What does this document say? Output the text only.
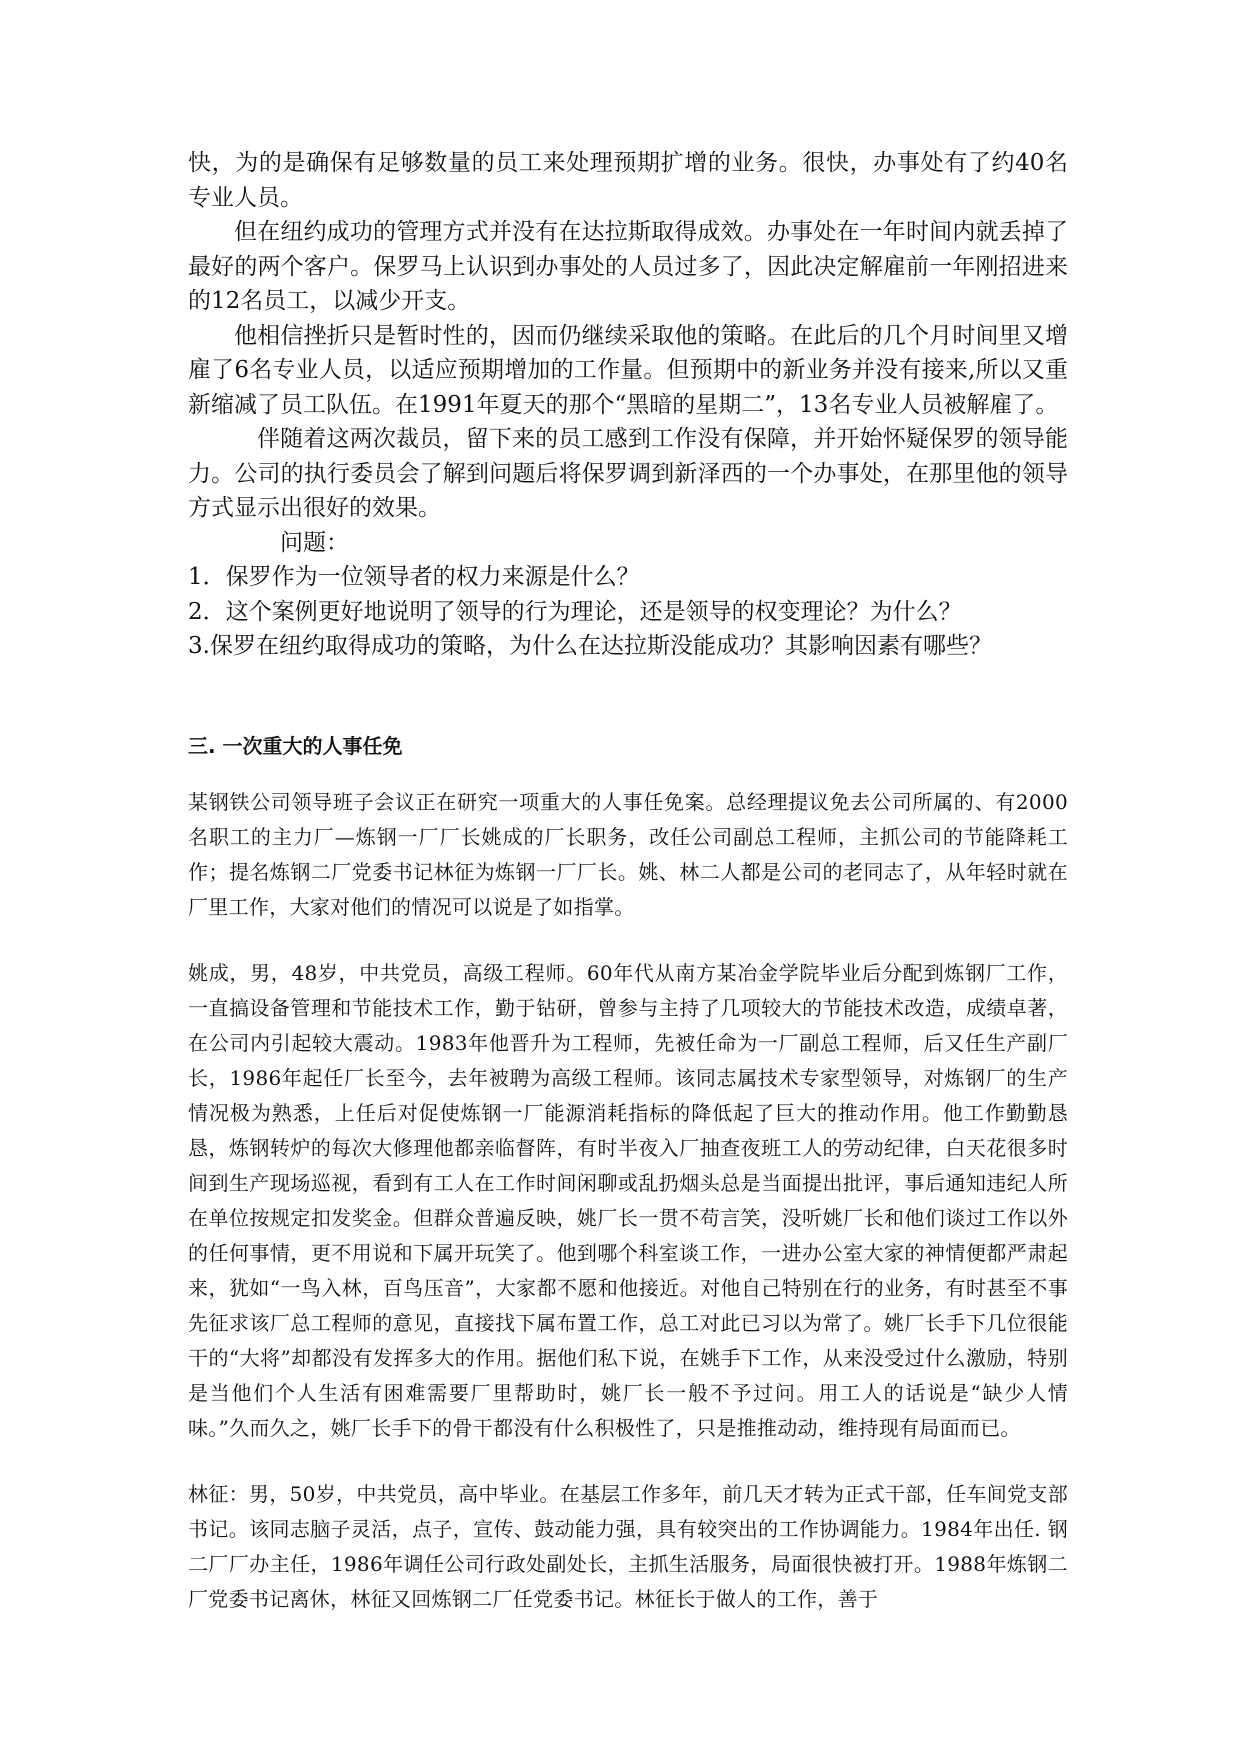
快，为的是确保有足够数量的员工来处理预期扩增的业务。很快，办事处有了约40名专业人员。

但在纽约成功的管理方式并没有在达拉斯取得成效。办事处在一年时间内就丢掉了最好的两个客户。保罗马上认识到办事处的人员过多了，因此决定解雇前一年刚招进来的12名员工，以减少开支。

他相信挫折只是暂时性的，因而仍继续采取他的策略。在此后的几个月时间里又增雇了6名专业人员，以适应预期增加的工作量。但预期中的新业务并没有接来,所以又重新缩减了员工队伍。在1991年夏天的那个“黑暗的星期二”，13名专业人员被解雇了。

伴随着这两次裁员，留下来的员工感到工作没有保障，并开始怀疑保罗的领导能力。公司的执行委员会了解到问题后将保罗调到新泽西的一个办事处，在那里他的领导方式显示出很好的效果。

问题：

1．保罗作为一位领导者的权力来源是什么？

2．这个案例更好地说明了领导的行为理论，还是领导的权变理论？为什么？

3.保罗在纽约取得成功的策略，为什么在达拉斯没能成功？其影响因素有哪些？

三. 一次重大的人事任免

某钢铁公司领导班子会议正在研究一项重大的人事任免案。总经理提议免去公司所属的、有2000名职工的主力厂—炼钢一厂厂长姚成的厂长职务，改任公司副总工程师，主抓公司的节能降耗工作；提名炼钢二厂党委书记林征为炼钢一厂厂长。姚、林二人都是公司的老同志了，从年轻时就在厂里工作，大家对他们的情况可以说是了如指掌。

姚成，男，48岁，中共党员，高级工程师。60年代从南方某冶金学院毕业后分配到炼钢厂工作，一直搞设备管理和节能技术工作，勤于钻研，曾参与主持了几项较大的节能技术改造，成绩卓著，在公司内引起较大震动。1983年他晋升为工程师，先被任命为一厂副总工程师，后又任生产副厂长，1986年起任厂长至今，去年被聘为高级工程师。该同志属技术专家型领导，对炼钢厂的生产情况极为熟悉，上任后对促使炼钢一厂能源消耗指标的降低起了巨大的推动作用。他工作勤勤恳恳，炼钢转炉的每次大修理他都亲临督阵，有时半夜入厂抽查夜班工人的劳动纪律，白天花很多时间到生产现场巡视，看到有工人在工作时间闲聊或乱扔烟头总是当面提出批评，事后通知违纪人所在单位按规定扣发奖金。但群众普遍反映，姚厂长一贯不苟言笑，没听姚厂长和他们谈过工作以外的任何事情，更不用说和下属开玩笑了。他到哪个科室谈工作，一进办公室大家的神情便都严肃起来，犹如“一鸟入林，百鸟压音”，大家都不愿和他接近。对他自己特别在行的业务，有时甚至不事先征求该厂总工程师的意见，直接找下属布置工作，总工对此已习以为常了。姚厂长手下几位很能干的“大将”却都没有发挥多大的作用。据他们私下说，在姚手下工作，从来没受过什么激励，特别是当他们个人生活有困难需要厂里帮助时，姚厂长一般不予过问。用工人的话说是“缺少人情味。”久而久之，姚厂长手下的骨干都没有什么积极性了，只是推推动动，维持现有局面而已。

林征：男，50岁，中共党员，高中毕业。在基层工作多年，前几天才转为正式干部，任车间党支部书记。该同志脑子灵活，点子，宣传、鼓动能力强，具有较突出的工作协调能力。1984年出任. 钢二厂厂办主任，1986年调任公司行政处副处长，主抓生活服务，局面很快被打开。1988年炼钢二厂党委书记离休，林征又回炼钢二厂任党委书记。林征长于做人的工作，善于
